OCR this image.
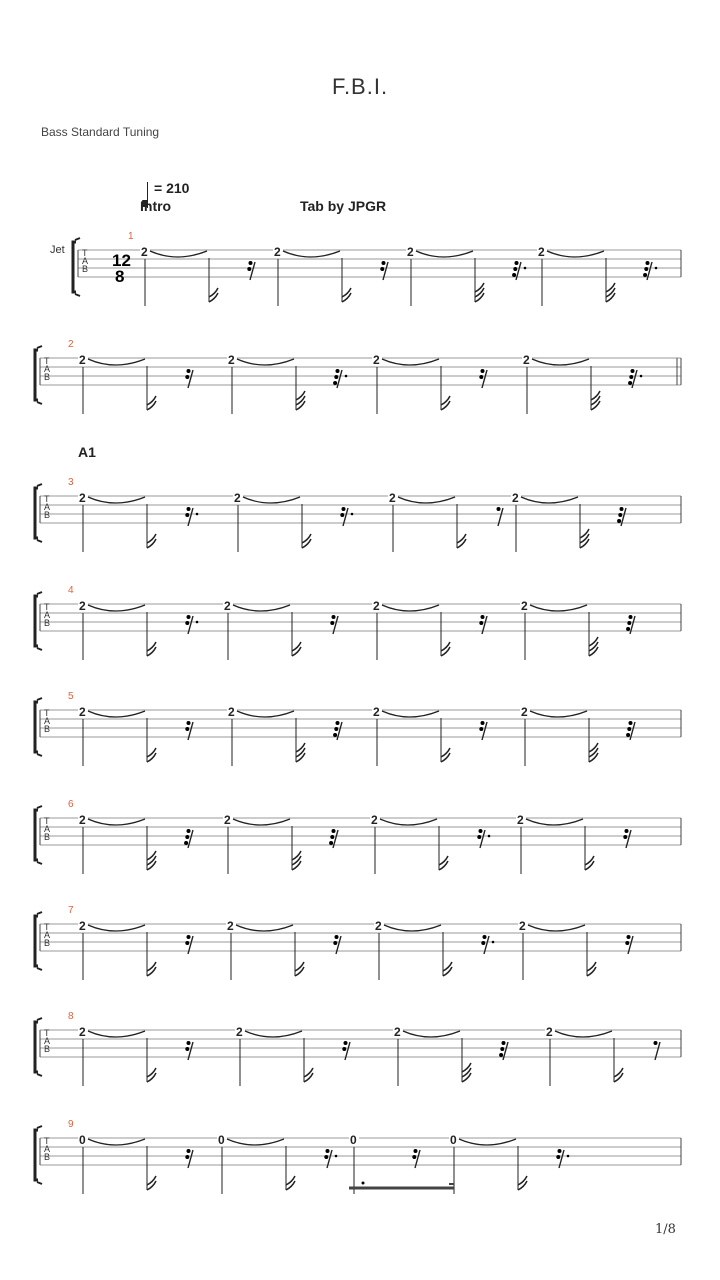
F.B.I.
Bass Standard Tuning
= 210
Intro	Tab by JPGR
A1
Jet T
A
B 12
8
1
2	2	2	2
T
A
B
2
2	2	2	2
T
A
B
3
2	2	2	2
T
A
B
4
2	2	2	2
T
A
B
5
2	2	2	2
T
A
B
6
2	2	2	2
T
A
B
7
2	2	2	2
T
A
B
8
2	2	2	2
T
A
B
9
0	0	0	0
1/8
